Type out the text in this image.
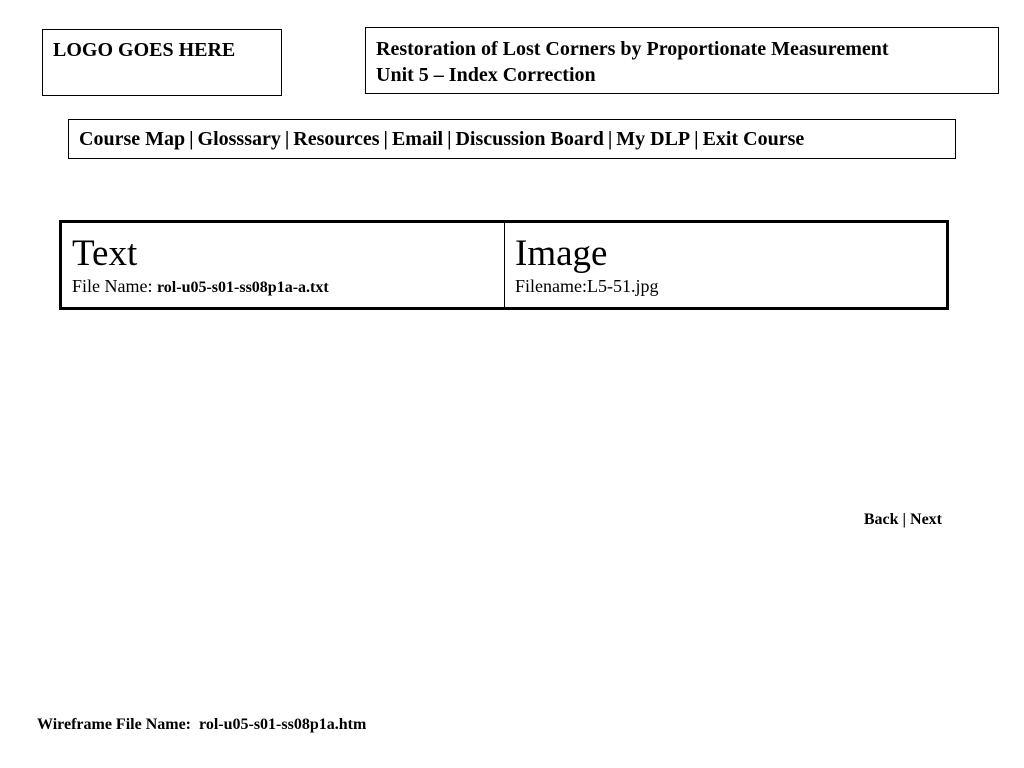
LOGO GOES HERE	Restoration of Lost Corners by Proportionate Measurement
Unit 5 – Index Correction
Course Map | Glosssary | Resources | Email | Discussion Board | My DLP | Exit Course
Text
File Name: rol-u05-s01-ss08p1a-a.txt
Image
Filename:L5-51.jpg
Back | Next
Wireframe File Name:  rol-u05-s01-ss08p1a.htm
